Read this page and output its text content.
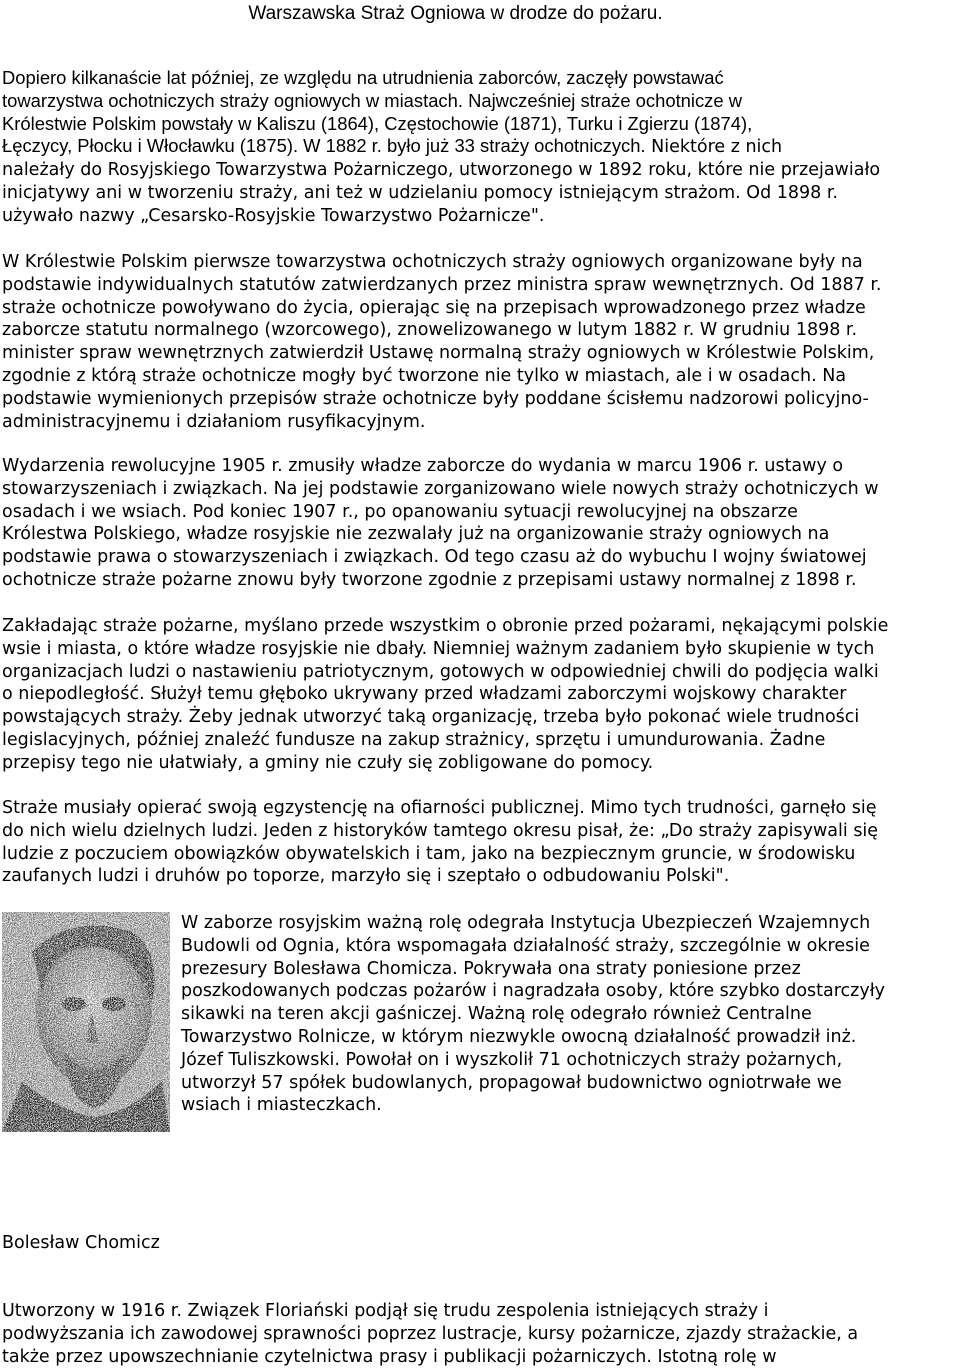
Warszawska Straż Ogniowa w drodze do pożaru.
Dopiero kilkanaście lat później, ze względu na utrudnienia zaborców, zaczęły powstawać
towarzystwa ochotniczych straży ogniowych w miastach. Najwcześniej straże ochotnicze w
Królestwie Polskim powstały w Kaliszu (1864), Częstochowie (1871), Turku i Zgierzu (1874),
Łęczycy, Płocku i Włocławku (1875). W 1882 r. było już 33 straży ochotniczych. Niektóre z nich
należały do Rosyjskiego Towarzystwa Pożarniczego, utworzonego w 1892 roku, które nie przejawiało
inicjatywy ani w tworzeniu straży, ani też w udzielaniu pomocy istniejącym strażom. Od 1898 r.
używało nazwy „Cesarsko-Rosyjskie Towarzystwo Pożarnicze".
W Królestwie Polskim pierwsze towarzystwa ochotniczych straży ogniowych organizowane były na
podstawie indywidualnych statutów zatwierdzanych przez ministra spraw wewnętrznych. Od 1887 r.
straże ochotnicze powoływano do życia, opierając się na przepisach wprowadzonego przez władze
zaborcze statutu normalnego (wzorcowego), znowelizowanego w lutym 1882 r. W grudniu 1898 r.
minister spraw wewnętrznych zatwierdził Ustawę normalną straży ogniowych w Królestwie Polskim,
zgodnie z którą straże ochotnicze mogły być tworzone nie tylko w miastach, ale i w osadach. Na
podstawie wymienionych przepisów straże ochotnicze były poddane ścisłemu nadzorowi policyjno-
administracyjnemu i działaniom rusyfikacyjnym.
Wydarzenia rewolucyjne 1905 r. zmusiły władze zaborcze do wydania w marcu 1906 r. ustawy o
stowarzyszeniach i związkach. Na jej podstawie zorganizowano wiele nowych straży ochotniczych w
osadach i we wsiach. Pod koniec 1907 r., po opanowaniu sytuacji rewolucyjnej na obszarze
Królestwa Polskiego, władze rosyjskie nie zezwalały już na organizowanie straży ogniowych na
podstawie prawa o stowarzyszeniach i związkach. Od tego czasu aż do wybuchu I wojny światowej
ochotnicze straże pożarne znowu były tworzone zgodnie z przepisami ustawy normalnej z 1898 r.
Zakładając straże pożarne, myślano przede wszystkim o obronie przed pożarami, nękającymi polskie
wsie i miasta, o które władze rosyjskie nie dbały. Niemniej ważnym zadaniem było skupienie w tych
organizacjach ludzi o nastawieniu patriotycznym, gotowych w odpowiedniej chwili do podjęcia walki
o niepodległość. Służył temu głęboko ukrywany przed władzami zaborczymi wojskowy charakter
powstających straży. Żeby jednak utworzyć taką organizację, trzeba było pokonać wiele trudności
legislacyjnych, później znaleźć fundusze na zakup strażnicy, sprzętu i umundurowania. Żadne
przepisy tego nie ułatwiały, a gminy nie czuły się zobligowane do pomocy.
Straże musiały opierać swoją egzystencję na ofiarności publicznej. Mimo tych trudności, garnęło się
do nich wielu dzielnych ludzi. Jeden z historyków tamtego okresu pisał, że: „Do straży zapisywali się
ludzie z poczuciem obowiązków obywatelskich i tam, jako na bezpiecznym gruncie, w środowisku
zaufanych ludzi i druhów po toporze, marzyło się i szeptało o odbudowaniu Polski".
W zaborze rosyjskim ważną rolę odegrała Instytucja Ubezpieczeń Wzajemnych
Budowli od Ognia, która wspomagała działalność straży, szczególnie w okresie
prezesury Bolesława Chomicza. Pokrywała ona straty poniesione przez
poszkodowanych podczas pożarów i nagradzała osoby, które szybko dostarczyły
sikawki na teren akcji gaśniczej. Ważną rolę odegrało również Centralne
Towarzystwo Rolnicze, w którym niezwykle owocną działalność prowadził inż.
Józef Tuliszkowski. Powołał on i wyszkolił 71 ochotniczych straży pożarnych,
utworzył 57 spółek budowlanych, propagował budownictwo ogniotrwałe we
wsiach i miasteczkach.
Bolesław Chomicz
Utworzony w 1916 r. Związek Floriański podjął się trudu zespolenia istniejących straży i
podwyższania ich zawodowej sprawności poprzez lustracje, kursy pożarnicze, zjazdy strażackie, a
także przez upowszechnianie czytelnictwa prasy i publikacji pożarniczych. Istotną rolę w
